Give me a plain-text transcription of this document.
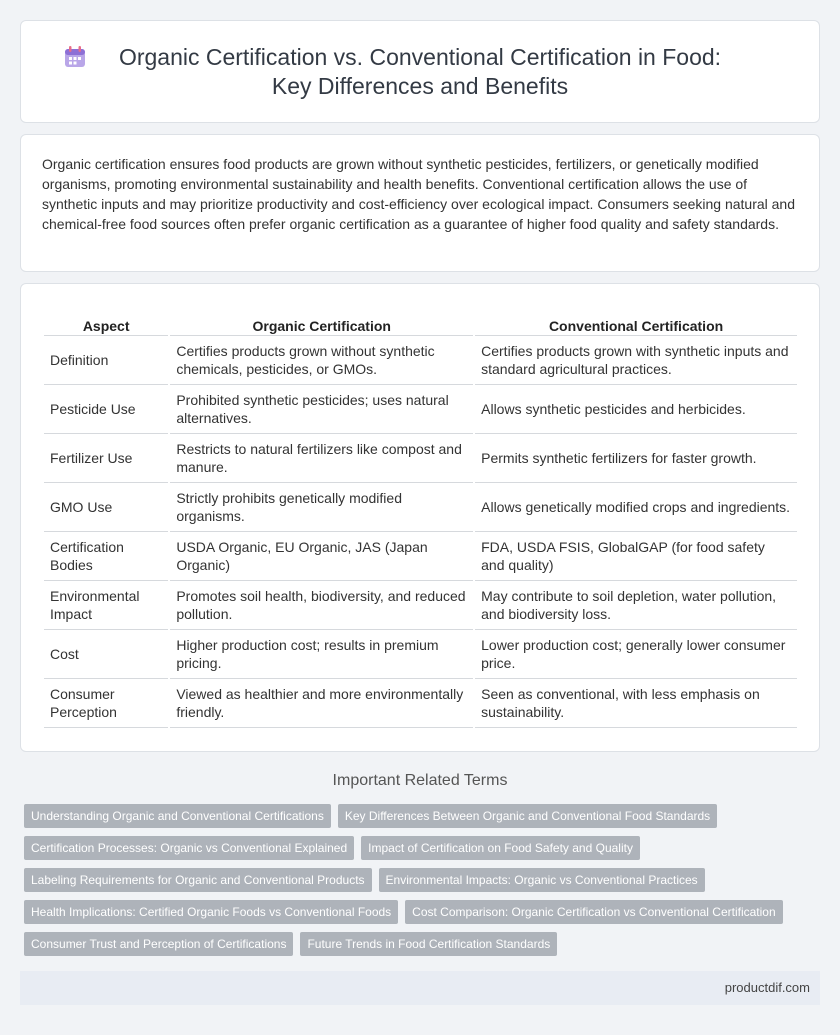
Organic Certification vs. Conventional Certification in Food: Key Differences and Benefits

Organic certification ensures food products are grown without synthetic pesticides, fertilizers, or genetically modified organisms, promoting environmental sustainability and health benefits. Conventional certification allows the use of synthetic inputs and may prioritize productivity and cost-efficiency over ecological impact. Consumers seeking natural and chemical-free food sources often prefer organic certification as a guarantee of higher food quality and safety standards.

Aspect	Organic Certification	Conventional Certification
Definition	Certifies products grown without synthetic chemicals, pesticides, or GMOs.	Certifies products grown with synthetic inputs and standard agricultural practices.
Pesticide Use	Prohibited synthetic pesticides; uses natural alternatives.	Allows synthetic pesticides and herbicides.
Fertilizer Use	Restricts to natural fertilizers like compost and manure.	Permits synthetic fertilizers for faster growth.
GMO Use	Strictly prohibits genetically modified organisms.	Allows genetically modified crops and ingredients.
Certification Bodies	USDA Organic, EU Organic, JAS (Japan Organic)	FDA, USDA FSIS, GlobalGAP (for food safety and quality)
Environmental Impact	Promotes soil health, biodiversity, and reduced pollution.	May contribute to soil depletion, water pollution, and biodiversity loss.
Cost	Higher production cost; results in premium pricing.	Lower production cost; generally lower consumer price.
Consumer Perception	Viewed as healthier and more environmentally friendly.	Seen as conventional, with less emphasis on sustainability.
Important Related Terms
Understanding Organic and Conventional Certifications	Key Differences Between Organic and Conventional Food Standards
Certification Processes: Organic vs Conventional Explained	Impact of Certification on Food Safety and Quality
Labeling Requirements for Organic and Conventional Products	Environmental Impacts: Organic vs Conventional Practices
Health Implications: Certified Organic Foods vs Conventional Foods	Cost Comparison: Organic Certification vs Conventional Certification
Consumer Trust and Perception of Certifications	Future Trends in Food Certification Standards
productdif.com
